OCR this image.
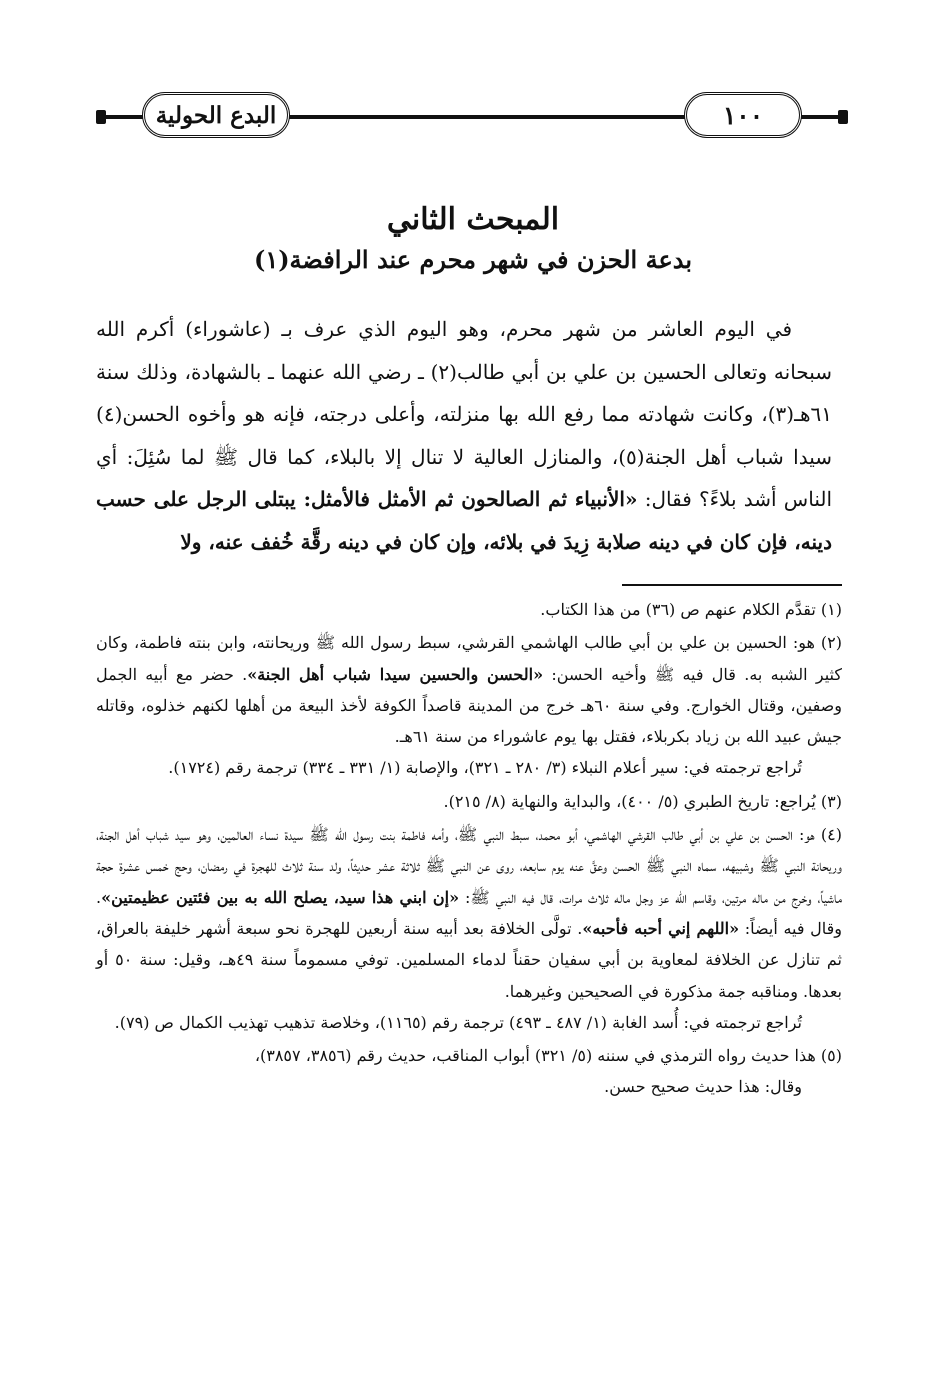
البدع الحولية	١٠٠
المبحث الثاني
بدعة الحزن في شهر محرم عند الرافضة(١)

في اليوم العاشر من شهر محرم، وهو اليوم الذي عرف بـ (عاشوراء) أكرم الله سبحانه وتعالى الحسين بن علي بن أبي طالب(٢) ـ رضي الله عنهما ـ بالشهادة، وذلك سنة ٦١هـ(٣)، وكانت شهادته مما رفع الله بها منزلته، وأعلى درجته، فإنه هو وأخوه الحسن(٤) سيدا شباب أهل الجنة(٥)، والمنازل العالية لا تنال إلا بالبلاء، كما قال ﷺ لما سُئِلَ: أي الناس أشد بلاءً؟ فقال: «الأنبياء ثم الصالحون ثم الأمثل فالأمثل: يبتلى الرجل على حسب دينه، فإن كان في دينه صلابة زِيدَ في بلائه، وإن كان في دينه رقَّة خُفف عنه، ولا

(١) تقدَّم الكلام عنهم ص (٣٦) من هذا الكتاب.
(٢) هو: الحسين بن علي بن أبي طالب الهاشمي القرشي، سبط رسول الله ﷺ وريحانته، وابن بنته فاطمة، وكان كثير الشبه به. قال فيه ﷺ وأخيه الحسن: «الحسن والحسين سيدا شباب أهل الجنة». حضر مع أبيه الجمل وصفين، وقتال الخوارج. وفي سنة ٦٠هـ خرج من المدينة قاصداً الكوفة لأخذ البيعة من أهلها لكنهم خذلوه، وقاتله جيش عبيد الله بن زياد بكربلاء، فقتل بها يوم عاشوراء من سنة ٦١هـ.
تُراجع ترجمته في: سير أعلام النبلاء (٣/ ٢٨٠ ـ ٣٢١)، والإصابة (١/ ٣٣١ ـ ٣٣٤) ترجمة رقم (١٧٢٤).
(٣) يُراجع: تاريخ الطبري (٥/ ٤٠٠)، والبداية والنهاية (٨/ ٢١٥).
(٤) هو: الحسن بن علي بن أبي طالب القرشي الهاشمي، أبو محمد، سبط النبي ﷺ، وأمه فاطمة بنت رسول الله ﷺ سيدة نساء العالمين، وهو سيد شباب أهل الجنة، وريحانة النبي ﷺ وشبيهه، سماه النبي ﷺ الحسن وعقَّ عنه يوم سابعه، روى عن النبي ﷺ ثلاثة عشر حديثاً، ولد سنة ثلاث للهجرة في رمضان، وحج خمس عشرة حجة ماشياً، وخرج من ماله مرتين، وقاسم الله عز وجل ماله ثلاث مرات، قال فيه النبي ﷺ: «إن ابني هذا سيد، يصلح الله به بين فئتين عظيمتين». وقال فيه أيضاً: «اللهم إني أحبه فأحبه». تولَّى الخلافة بعد أبيه سنة أربعين للهجرة نحو سبعة أشهر خليفة بالعراق، ثم تنازل عن الخلافة لمعاوية بن أبي سفيان حقناً لدماء المسلمين. توفي مسموماً سنة ٤٩هـ، وقيل: سنة ٥٠ أو بعدها. ومناقبه جمة مذكورة في الصحيحين وغيرهما.
تُراجع ترجمته في: أُسد الغابة (١/ ٤٨٧ ـ ٤٩٣) ترجمة رقم (١١٦٥)، وخلاصة تذهيب تهذيب الكمال ص (٧٩).
(٥) هذا حديث رواه الترمذي في سننه (٥/ ٣٢١) أبواب المناقب، حديث رقم (٣٨٥٦، ٣٨٥٧)،
وقال: هذا حديث صحيح حسن.
